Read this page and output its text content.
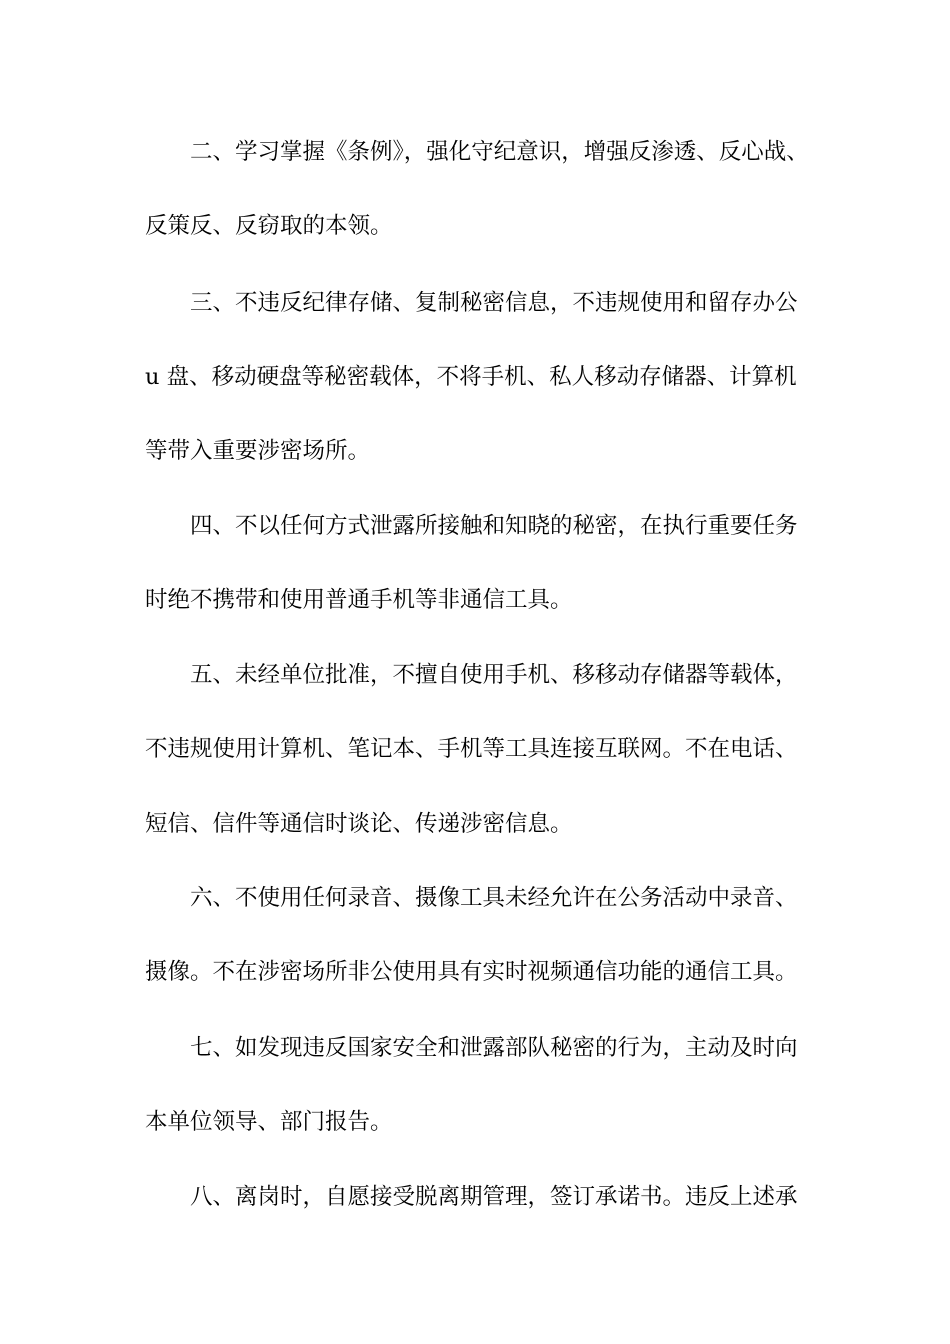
二、学习掌握《条例》，强化守纪意识，增强反渗透、反心战、
反策反、反窃取的本领。
三、不违反纪律存储、复制秘密信息，不违规使用和留存办公
u 盘、移动硬盘等秘密载体，不将手机、私人移动存储器、计算机
等带入重要涉密场所。
四、不以任何方式泄露所接触和知晓的秘密，在执行重要任务
时绝不携带和使用普通手机等非通信工具。
五、未经单位批准，不擅自使用手机、移移动存储器等载体，
不违规使用计算机、笔记本、手机等工具连接互联网。不在电话、
短信、信件等通信时谈论、传递涉密信息。
六、不使用任何录音、摄像工具未经允许在公务活动中录音、
摄像。不在涉密场所非公使用具有实时视频通信功能的通信工具。
七、如发现违反国家安全和泄露部队秘密的行为，主动及时向
本单位领导、部门报告。
八、离岗时，自愿接受脱离期管理，签订承诺书。违反上述承
